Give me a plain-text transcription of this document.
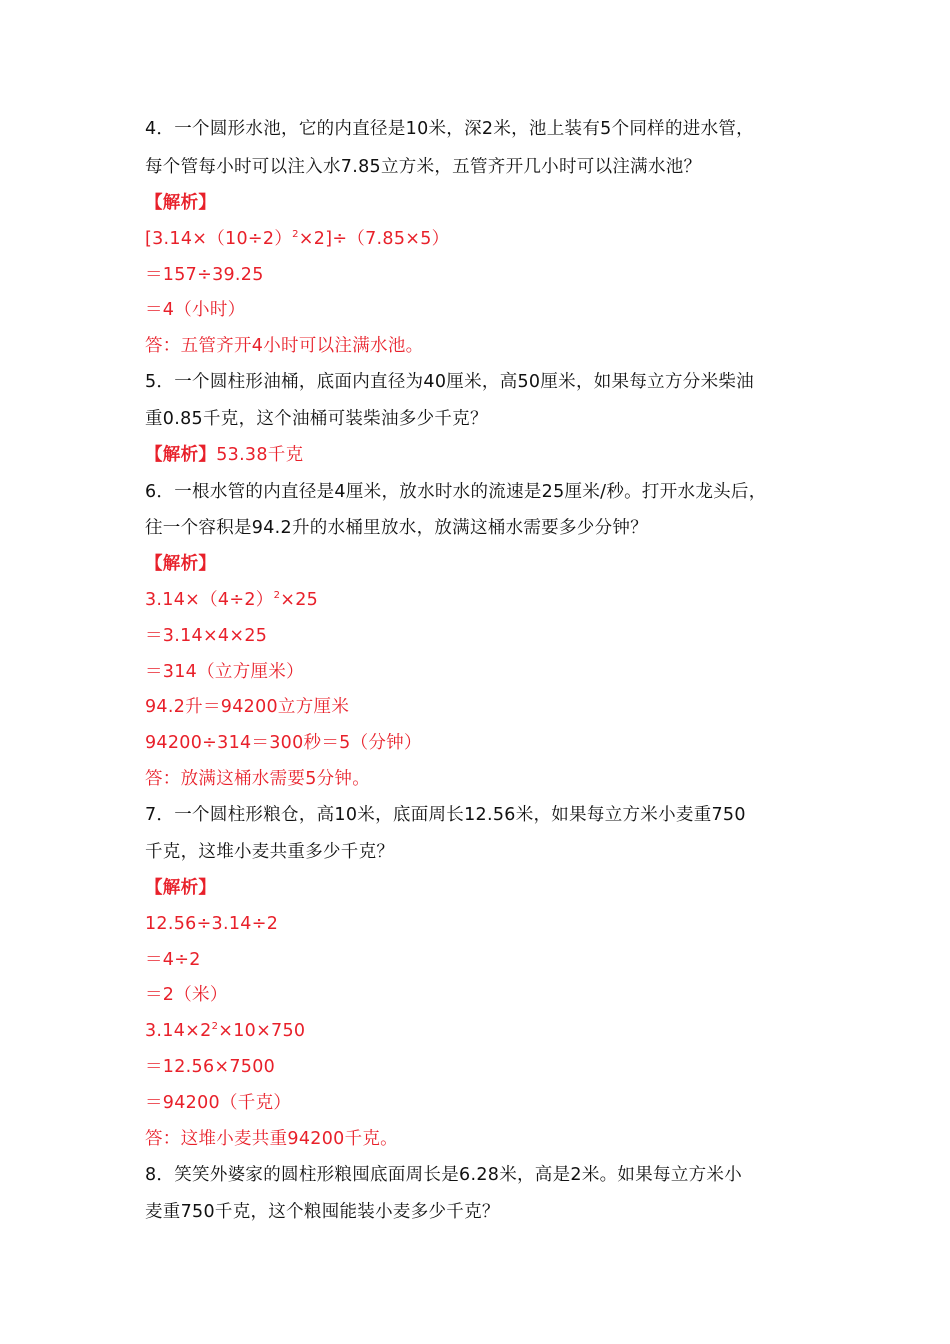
4．一个圆形水池，它的内直径是10米，深2米，池上装有5个同样的进水管，
每个管每小时可以注入水7.85立方米，五管齐开几小时可以注满水池？
【解析】
$[3.14\times(10\div 2)^2\times 2]\div(7.85\times 5)$
＝157÷39.25
＝4（小时）
答：五管齐开4小时可以注满水池。
5．一个圆柱形油桶，底面内直径为40厘米，高50厘米，如果每立方分米柴油
重0.85千克，这个油桶可装柴油多少千克？
【解析】53.38千克
6．一根水管的内直径是4厘米，放水时水的流速是25厘米/秒。打开水龙头后，
往一个容积是94.2升的水桶里放水，放满这桶水需要多少分钟？
【解析】
$3.14\times(4\div 2)^2\times 25$
＝3.14×4×25
＝314（立方厘米）
94.2升＝94200立方厘米
94200÷314＝300秒＝5（分钟）
答：放满这桶水需要5分钟。
7．一个圆柱形粮仓，高10米，底面周长12.56米，如果每立方米小麦重750
千克，这堆小麦共重多少千克？
【解析】
12.56÷3.14÷2
＝4÷2
＝2（米）
$3.14\times 2^2\times 10\times 750$
＝12.56×7500
＝94200（千克）
答：这堆小麦共重94200千克。
8．笑笑外婆家的圆柱形粮囤底面周长是6.28米，高是2米。如果每立方米小
麦重750千克，这个粮囤能装小麦多少千克？
